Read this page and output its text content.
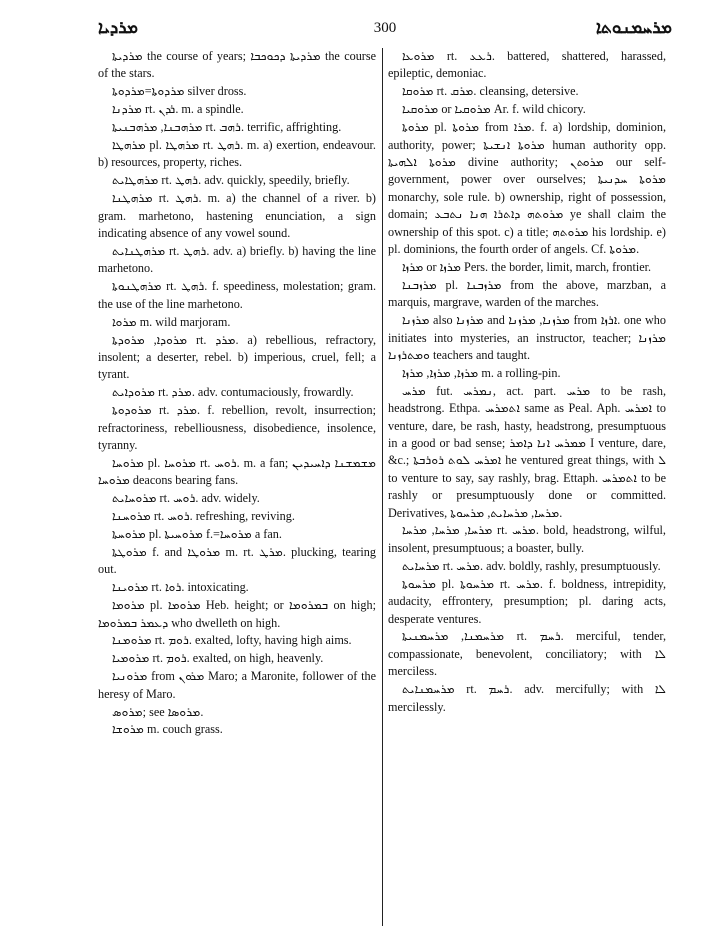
ܡܪܕܝܐ	300	ܡܪܚܡܢܘܬܐ

ܡܪܕܝܬܐ the course of years; ܡܪܕܝܬܐ ܕܟܘܟܒܐ the course of the stars.

ܡܪܕܘܬܐ=ܡܪܕܘܬܐ silver dross.

ܡܪܕܢܐ rt. ܪܕܢ. m. a spindle.

ܡܪܗܒܢܐ, ܡܪܗܒܢܝܬܐ rt. ܪܗܒ. terrific, affrighting.

ܡܪܗܛܐ pl. ܡܪܗܛܐ rt. ܪܗܛ. m. a) exertion, endeavour. b) resources, property, riches.

ܡܪܗܛܐܝܬ rt. ܪܗܛ. adv. quickly, speedily, briefly.

ܡܪܗܛܢܐ rt. ܪܗܛ. m. a) the channel of a river. b) gram. marhetono, hastening enunciation, a sign indicating absence of any vowel sound.

ܡܪܗܛܢܐܝܬ rt. ܪܗܛ. adv. a) briefly. b) having the line marhetono.

ܡܪܗܛܢܘܬܐ rt. ܪܗܛ. f. speediness, molestation; gram. the use of the line marhetono.

ܡܪܘܐ m. wild marjoram.

ܡܪܘܕܐ, ܡܪܘܕܬܐ rt. ܡܪܕ. a) rebellious, refractory, insolent; a deserter, rebel. b) imperious, cruel, fell; a tyrant.

ܡܪܘܕܐܝܬ rt. ܡܪܕ. adv. contumaciously, frowardly.

ܡܪܘܕܘܬܐ rt. ܡܪܕ. f. rebellion, revolt, insurrection; refractoriness, rebelliousness, disobedience, insolence, tyranny.

ܡܪܘܚܐ pl. ܡܪܘܚܐ rt. ܪܘܚ. m. a fan; ܡܫܡܫܢܐ ܕܐܚܝܕܝܢ ܡܪܘܚܐ deacons bearing fans.

ܡܪܘܚܐܝܬ rt. ܪܘܚ. adv. widely.

ܡܪܘܚܢܐ rt. ܪܘܚ. refreshing, reviving.

ܡܪܘܚܬܐ pl. ܡܪܘܚܝܬܐ f.=ܡܪܘܚܐ a fan.

ܡܪܘܛܬܐ f. and ܡܪܘܛܐ m. rt. ܡܪܛ. plucking, tearing out.

ܡܪܘܝܢܐ rt. ܪܘܐ. intoxicating.

ܡܪܘܡܐ pl. ܡܪܘܡܐ Heb. height; or ܒܡܪܘܡܐ on high; ܕܥܡܪ ܒܡܪܘܡܐ who dwelleth on high.

ܡܪܘܡܢܐ rt. ܪܘܡ. exalted, lofty, having high aims.

ܡܪܘܡܝܐ rt. ܪܘܡ. exalted, on high, heavenly.

ܡܪܘܢܝܐ from ܡܪܘܢ Maro; a Maronite, follower of the heresy of Maro.

ܡܪܘܣ; see ܡܪܘܣܐ.

ܡܪܘܫܐ m. couch grass.

ܡܪܘܥܐ rt. ܪܥܥ. battered, shattered, harassed, epileptic, demoniac.

ܡܪܘܩܐ rt. ܡܪܩ. cleansing, detersive.

ܡܪܘܩܝܐ or ܡܪܘܩܝܐ Ar. f. wild chicory.

ܡܪܘܬܐ pl. ܡܪܘܬܐ from ܡܪܐ. f. a) lordship, dominion, authority, power; ܡܪܘܬܐ ܐܢܫܝܬܐ human authority opp. ܡܪܘܬܐ ܐܠܗܝܬܐ divine authority; ܡܪܘܬܢ our self-government, power over ourselves; ܡܪܘܬܐ ܚܕܢܝܬܐ monarchy, sole rule. b) ownership, right of possession, domain; ܡܪܘܬܗ ܕܐܬܪܐ ܗܢܐ ܢܬܒܥ ye shall claim the ownership of this spot. c) a title; ܡܪܘܬܗ his lordship. e) pl. dominions, the fourth order of angels. Cf. ܡܪܘܬܐ.

ܡܪܙܐ or ܡܪܙܐ Pers. the border, limit, march, frontier.

ܡܪܙܒܢܐ pl. ܡܪܙܒܢܐ from the above, marzban, a marquis, margrave, warden of the marches.

ܡܪܙܢܐ also ܡܪܙܢܐ and ܡܪܙܢܐ, ܡܪܙܢܐ from ܐܪܙܐ. one who initiates into mysteries, an instructor, teacher; ܡܪܙܢܐ ܘܡܬܪܙܢܐ teachers and taught.

ܡܪܙܐ, ܡܪܙܐ, ܡܪܙܐ m. a rolling-pin.

ܡܪܚ fut. ܢܡܪܚ, act. part. ܡܪܚ to be rash, headstrong. Ethpa. ܐܬܡܪܚ same as Peal. Aph. ܐܡܪܚ to venture, dare, be rash, hasty, headstrong, presumptuous in a good or bad sense; ܡܡܪܚ ܐܢܐ ܕܐܡܪ I venture, dare, &c.; ܐܡܪܚ ܠܘܬ ܪܘܪܒܬܐ he ventured great things, with ܠ to venture to say, say rashly, brag. Ettaph. ܐܬܡܪܚ to be rashly or presumptuously done or committed. Derivatives, ܡܪܚܐ, ܡܪܚܐܝܬ, ܡܪܚܘܬܐ.

ܡܪܚܐ, ܡܪܚܐ, ܡܪܚܐ rt. ܡܪܚ. bold, headstrong, wilful, insolent, presumptuous; a boaster, bully.

ܡܪܚܐܝܬ rt. ܡܪܚ. adv. boldly, rashly, presumptuously.

ܡܪܚܘܬܐ pl. ܡܪܚܘܬܐ rt. ܡܪܚ. f. boldness, intrepidity, audacity, effrontery, presumption; pl. daring acts, desperate ventures.

ܡܪܚܡܢܐ, ܡܪܚܡܢܝܬܐ rt. ܪܚܡ. merciful, tender, compassionate, benevolent, conciliatory; with ܠܐ merciless.

ܡܪܚܡܢܐܝܬ rt. ܪܚܡ. adv. mercifully; with ܠܐ mercilessly.
